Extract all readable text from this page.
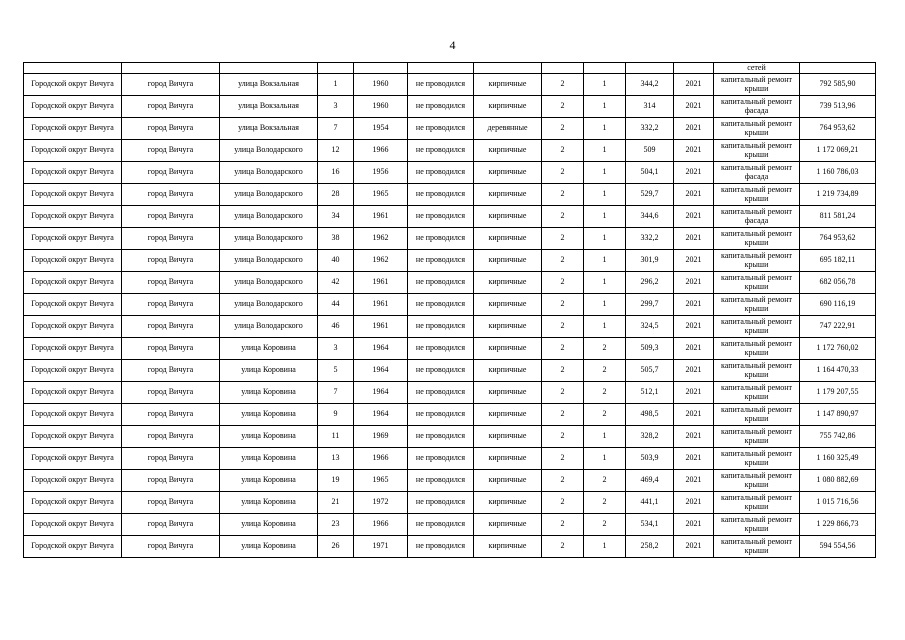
4
											сетей	
Городской округ Вичуга	город Вичуга	улица Вокзальная	1	1960	не проводился	кирпичные	2	1	344,2	2021	капитальный ремонт крыши	792 585,90
Городской округ Вичуга	город Вичуга	улица Вокзальная	3	1960	не проводился	кирпичные	2	1	314	2021	капитальный ремонт фасада	739 513,96
Городской округ Вичуга	город Вичуга	улица Вокзальная	7	1954	не проводился	деревянные	2	1	332,2	2021	капитальный ремонт крыши	764 953,62
Городской округ Вичуга	город Вичуга	улица Володарского	12	1966	не проводился	кирпичные	2	1	509	2021	капитальный ремонт крыши	1 172 069,21
Городской округ Вичуга	город Вичуга	улица Володарского	16	1956	не проводился	кирпичные	2	1	504,1	2021	капитальный ремонт фасада	1 160 786,03
Городской округ Вичуга	город Вичуга	улица Володарского	28	1965	не проводился	кирпичные	2	1	529,7	2021	капитальный ремонт крыши	1 219 734,89
Городской округ Вичуга	город Вичуга	улица Володарского	34	1961	не проводился	кирпичные	2	1	344,6	2021	капитальный ремонт фасада	811 581,24
Городской округ Вичуга	город Вичуга	улица Володарского	38	1962	не проводился	кирпичные	2	1	332,2	2021	капитальный ремонт крыши	764 953,62
Городской округ Вичуга	город Вичуга	улица Володарского	40	1962	не проводился	кирпичные	2	1	301,9	2021	капитальный ремонт крыши	695 182,11
Городской округ Вичуга	город Вичуга	улица Володарского	42	1961	не проводился	кирпичные	2	1	296,2	2021	капитальный ремонт крыши	682 056,78
Городской округ Вичуга	город Вичуга	улица Володарского	44	1961	не проводился	кирпичные	2	1	299,7	2021	капитальный ремонт крыши	690 116,19
Городской округ Вичуга	город Вичуга	улица Володарского	46	1961	не проводился	кирпичные	2	1	324,5	2021	капитальный ремонт крыши	747 222,91
Городской округ Вичуга	город Вичуга	улица Коровина	3	1964	не проводился	кирпичные	2	2	509,3	2021	капитальный ремонт крыши	1 172 760,02
Городской округ Вичуга	город Вичуга	улица Коровина	5	1964	не проводился	кирпичные	2	2	505,7	2021	капитальный ремонт крыши	1 164 470,33
Городской округ Вичуга	город Вичуга	улица Коровина	7	1964	не проводился	кирпичные	2	2	512,1	2021	капитальный ремонт крыши	1 179 207,55
Городской округ Вичуга	город Вичуга	улица Коровина	9	1964	не проводился	кирпичные	2	2	498,5	2021	капитальный ремонт крыши	1 147 890,97
Городской округ Вичуга	город Вичуга	улица Коровина	11	1969	не проводился	кирпичные	2	1	328,2	2021	капитальный ремонт крыши	755 742,86
Городской округ Вичуга	город Вичуга	улица Коровина	13	1966	не проводился	кирпичные	2	1	503,9	2021	капитальный ремонт крыши	1 160 325,49
Городской округ Вичуга	город Вичуга	улица Коровина	19	1965	не проводился	кирпичные	2	2	469,4	2021	капитальный ремонт крыши	1 080 882,69
Городской округ Вичуга	город Вичуга	улица Коровина	21	1972	не проводился	кирпичные	2	2	441,1	2021	капитальный ремонт крыши	1 015 716,56
Городской округ Вичуга	город Вичуга	улица Коровина	23	1966	не проводился	кирпичные	2	2	534,1	2021	капитальный ремонт крыши	1 229 866,73
Городской округ Вичуга	город Вичуга	улица Коровина	26	1971	не проводился	кирпичные	2	1	258,2	2021	капитальный ремонт крыши	594 554,56
